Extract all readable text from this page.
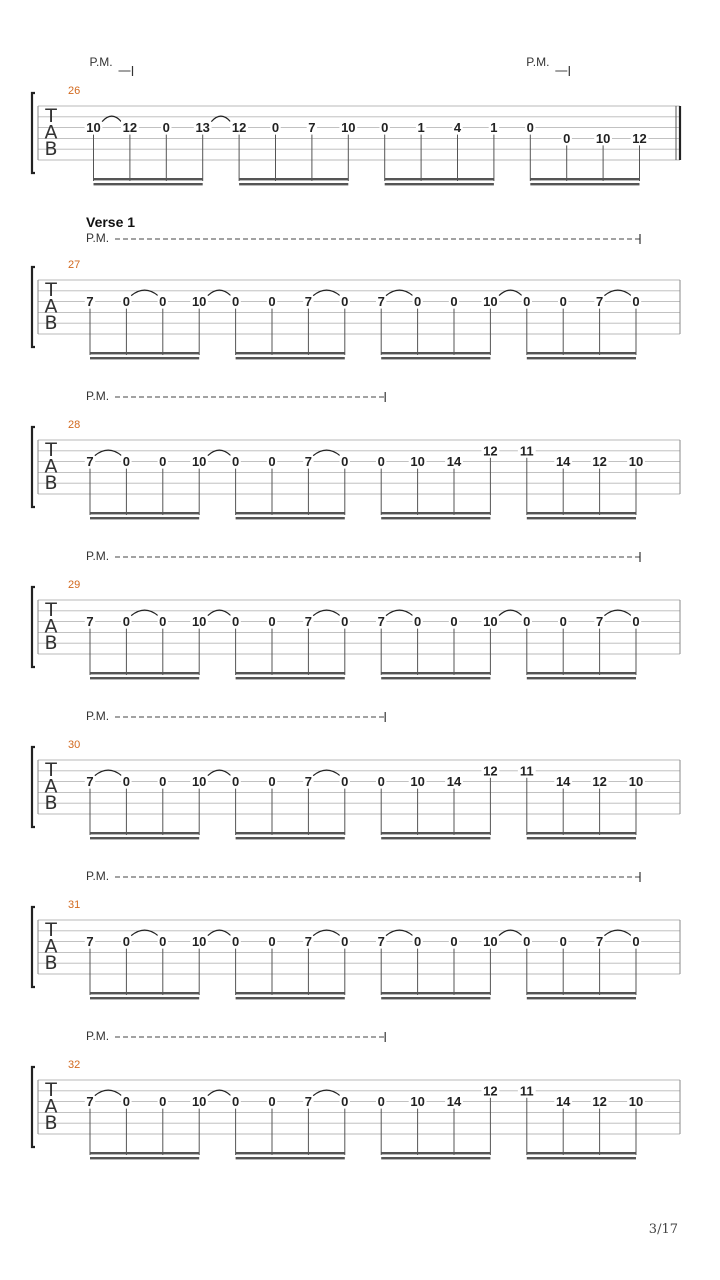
T
A
B
26
P.M.	P.M.
10 12 0 13 12 0 7 10 0 1 4 1 0
0 10 12
T
A
B
27
Verse 1
P.M.
7 0 0 10 0 0 7 0 7 0 0 10 0 0 7 0
T
A
B
28
P.M.
7 0 0 10 0 0 7 0 0 10 14
12 11
14 12 10
T
A
B
29
P.M.
7 0 0 10 0 0 7 0 7 0 0 10 0 0 7 0
T
A
B
30
P.M.
7 0 0 10 0 0 7 0 0 10 14
12 11
14 12 10
T
A
B
31
P.M.
7 0 0 10 0 0 7 0 7 0 0 10 0 0 7 0
T
A
B
32
P.M.
7 0 0 10 0 0 7 0 0 10 14
12 11
14 12 10
3/17
